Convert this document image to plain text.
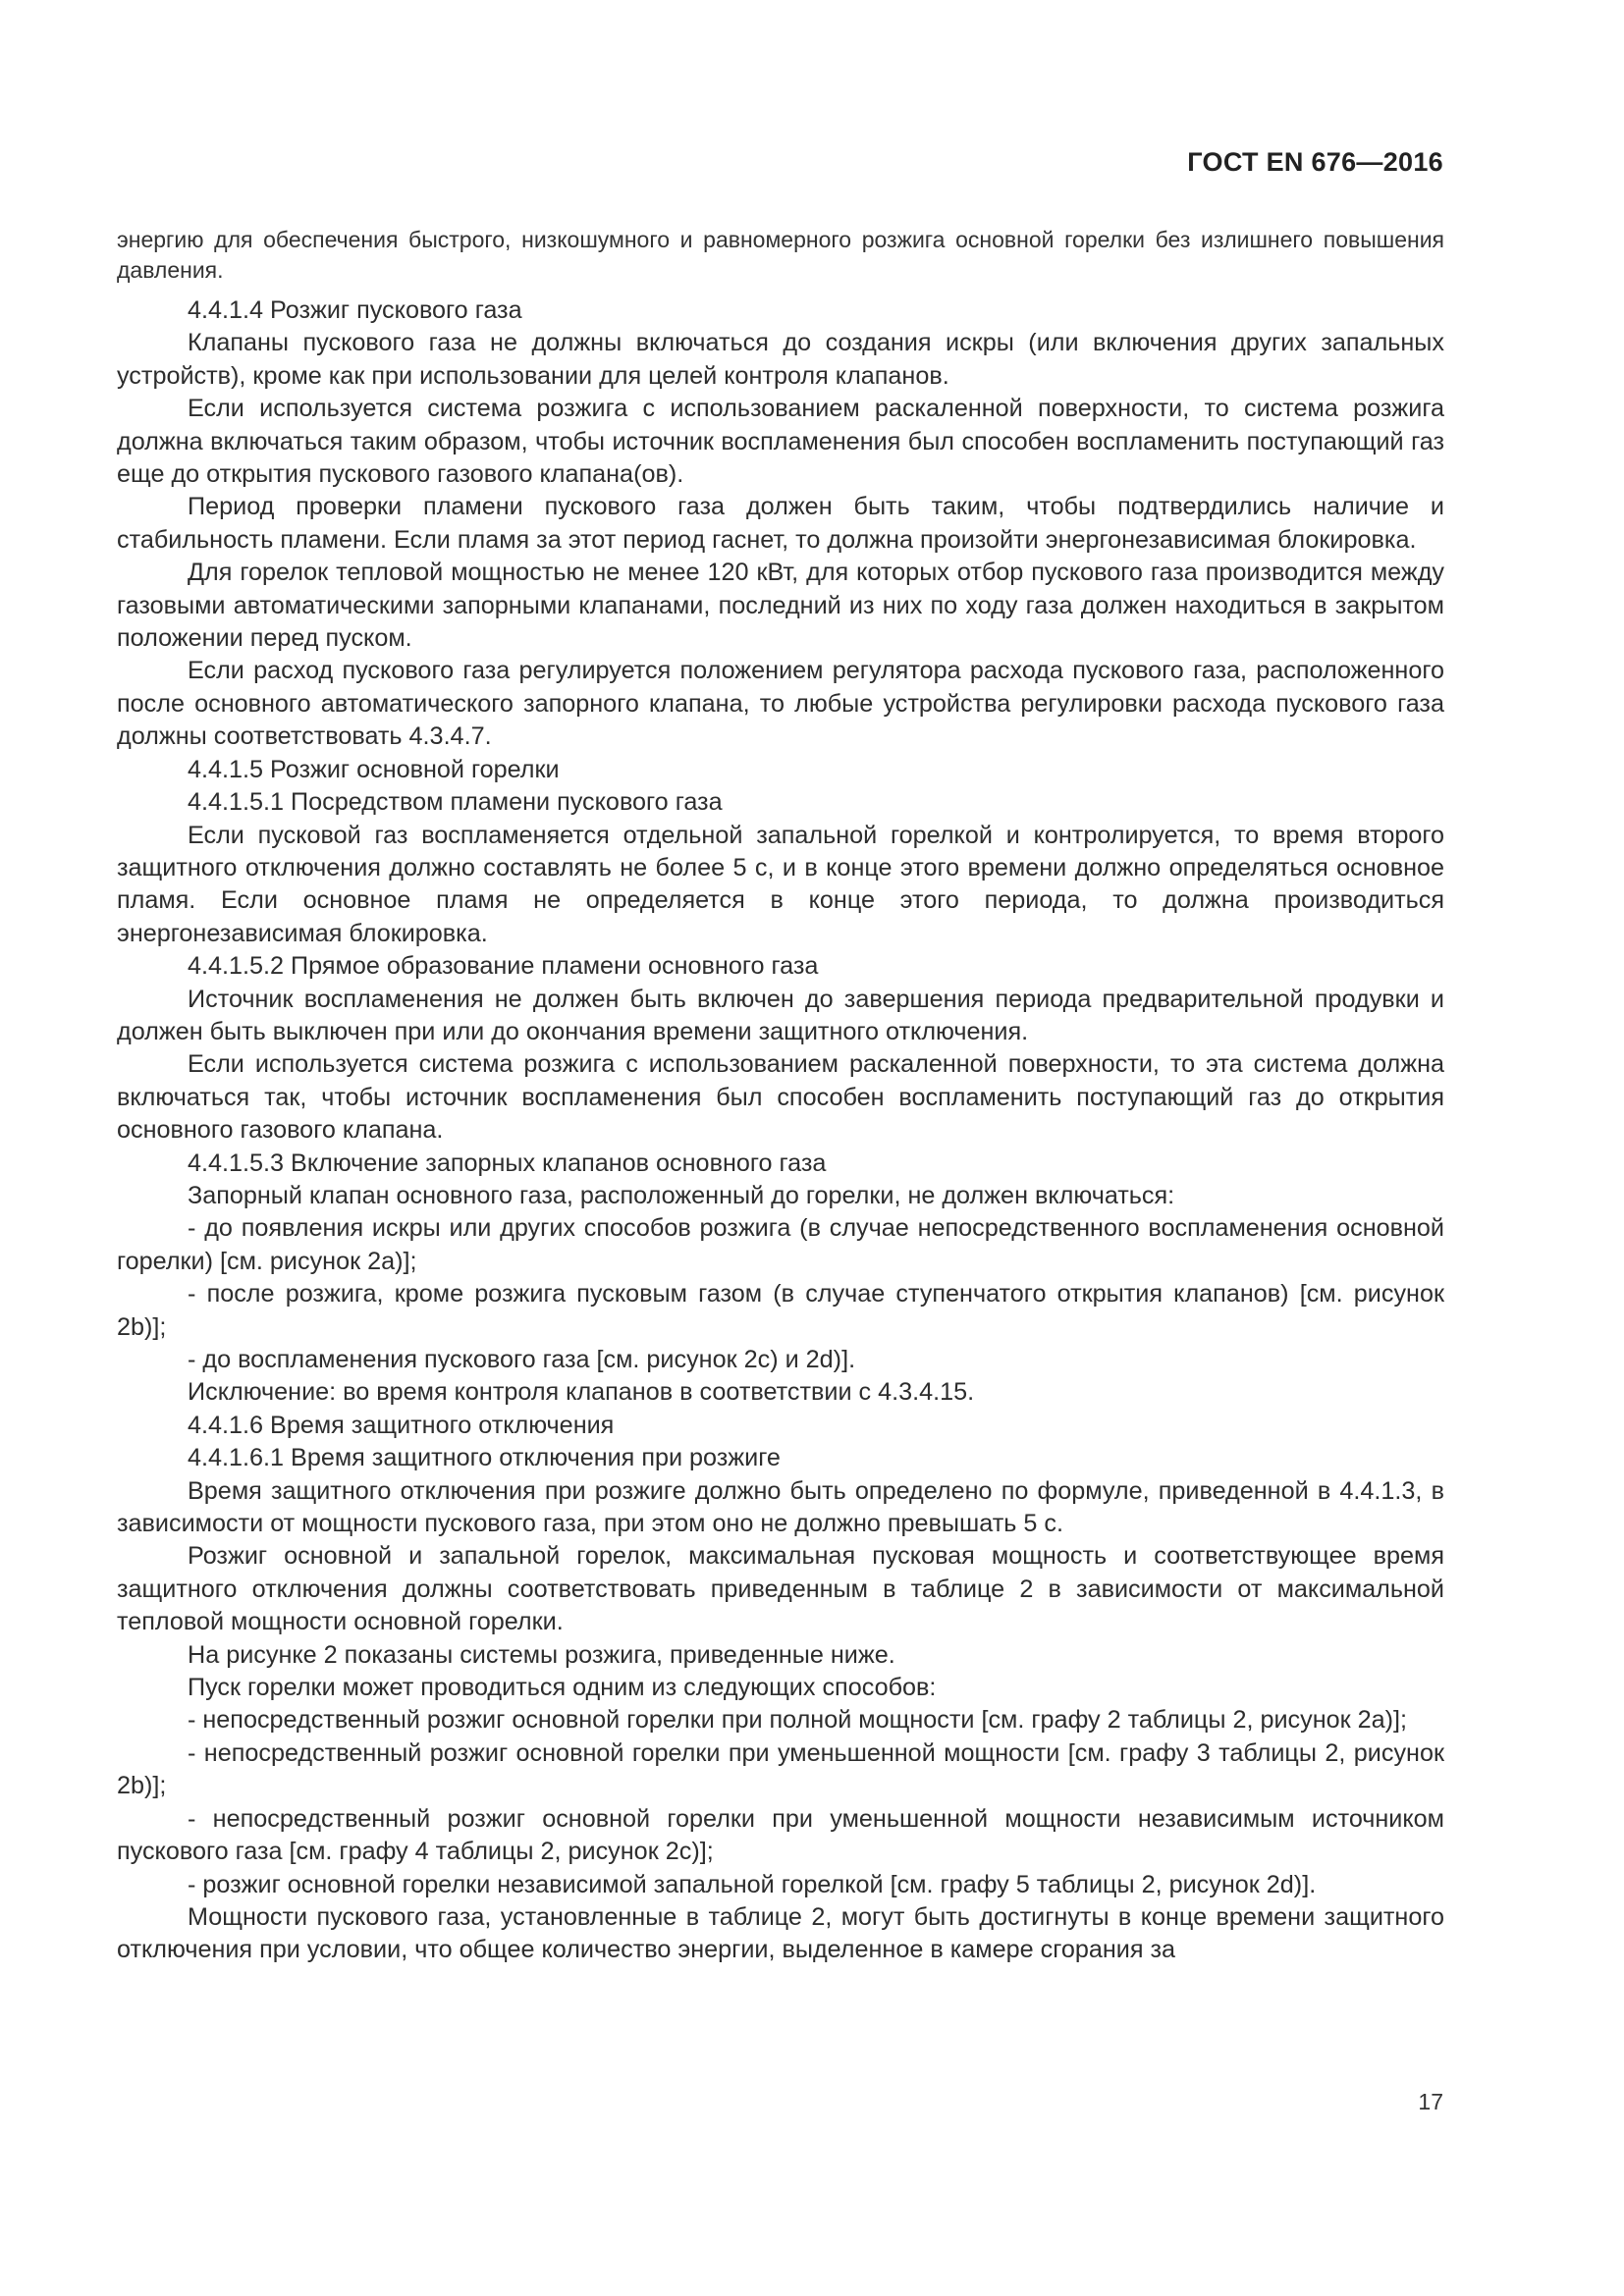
ГОСТ EN 676—2016

энергию для обеспечения быстрого, низкошумного и равномерного розжига основной горелки без излишнего повышения давления.

4.4.1.4 Розжиг пускового газа

Клапаны пускового газа не должны включаться до создания искры (или включения других запальных устройств), кроме как при использовании для целей контроля клапанов.

Если используется система розжига с использованием раскаленной поверхности, то система розжига должна включаться таким образом, чтобы источник воспламенения был способен воспламенить поступающий газ еще до открытия пускового газового клапана(ов).

Период проверки пламени пускового газа должен быть таким, чтобы подтвердились наличие и стабильность пламени. Если пламя за этот период гаснет, то должна произойти энергонезависимая блокировка.

Для горелок тепловой мощностью не менее 120 кВт, для которых отбор пускового газа производится между газовыми автоматическими запорными клапанами, последний из них по ходу газа должен находиться в закрытом положении перед пуском.

Если расход пускового газа регулируется положением регулятора расхода пускового газа, расположенного после основного автоматического запорного клапана, то любые устройства регулировки расхода пускового газа должны соответствовать 4.3.4.7.

4.4.1.5 Розжиг основной горелки

4.4.1.5.1 Посредством пламени пускового газа

Если пусковой газ воспламеняется отдельной запальной горелкой и контролируется, то время второго защитного отключения должно составлять не более 5 с, и в конце этого времени должно определяться основное пламя. Если основное пламя не определяется в конце этого периода, то должна производиться энергонезависимая блокировка.

4.4.1.5.2 Прямое образование пламени основного газа

Источник воспламенения не должен быть включен до завершения периода предварительной продувки и должен быть выключен при или до окончания времени защитного отключения.

Если используется система розжига с использованием раскаленной поверхности, то эта система должна включаться так, чтобы источник воспламенения был способен воспламенить поступающий газ до открытия основного газового клапана.

4.4.1.5.3 Включение запорных клапанов основного газа

Запорный клапан основного газа, расположенный до горелки, не должен включаться:

- до появления искры или других способов розжига (в случае непосредственного воспламенения основной горелки) [см. рисунок 2a)];

- после розжига, кроме розжига пусковым газом (в случае ступенчатого открытия клапанов) [см. рисунок 2b)];

- до воспламенения пускового газа [см. рисунок 2c) и 2d)].

Исключение: во время контроля клапанов в соответствии с 4.3.4.15.

4.4.1.6 Время защитного отключения

4.4.1.6.1 Время защитного отключения при розжиге

Время защитного отключения при розжиге должно быть определено по формуле, приведенной в 4.4.1.3, в зависимости от мощности пускового газа, при этом оно не должно превышать 5 с.

Розжиг основной и запальной горелок, максимальная пусковая мощность и соответствующее время защитного отключения должны соответствовать приведенным в таблице 2 в зависимости от максимальной тепловой мощности основной горелки.

На рисунке 2 показаны системы розжига, приведенные ниже.

Пуск горелки может проводиться одним из следующих способов:

- непосредственный розжиг основной горелки при полной мощности [см. графу 2 таблицы 2, рисунок 2a)];

- непосредственный розжиг основной горелки при уменьшенной мощности [см. графу 3 таблицы 2, рисунок 2b)];

- непосредственный розжиг основной горелки при уменьшенной мощности независимым источником пускового газа [см. графу 4 таблицы 2, рисунок 2c)];

- розжиг основной горелки независимой запальной горелкой [см. графу 5 таблицы 2, рисунок 2d)].

Мощности пускового газа, установленные в таблице 2, могут быть достигнуты в конце времени защитного отключения при условии, что общее количество энергии, выделенное в камере сгорания за

17
